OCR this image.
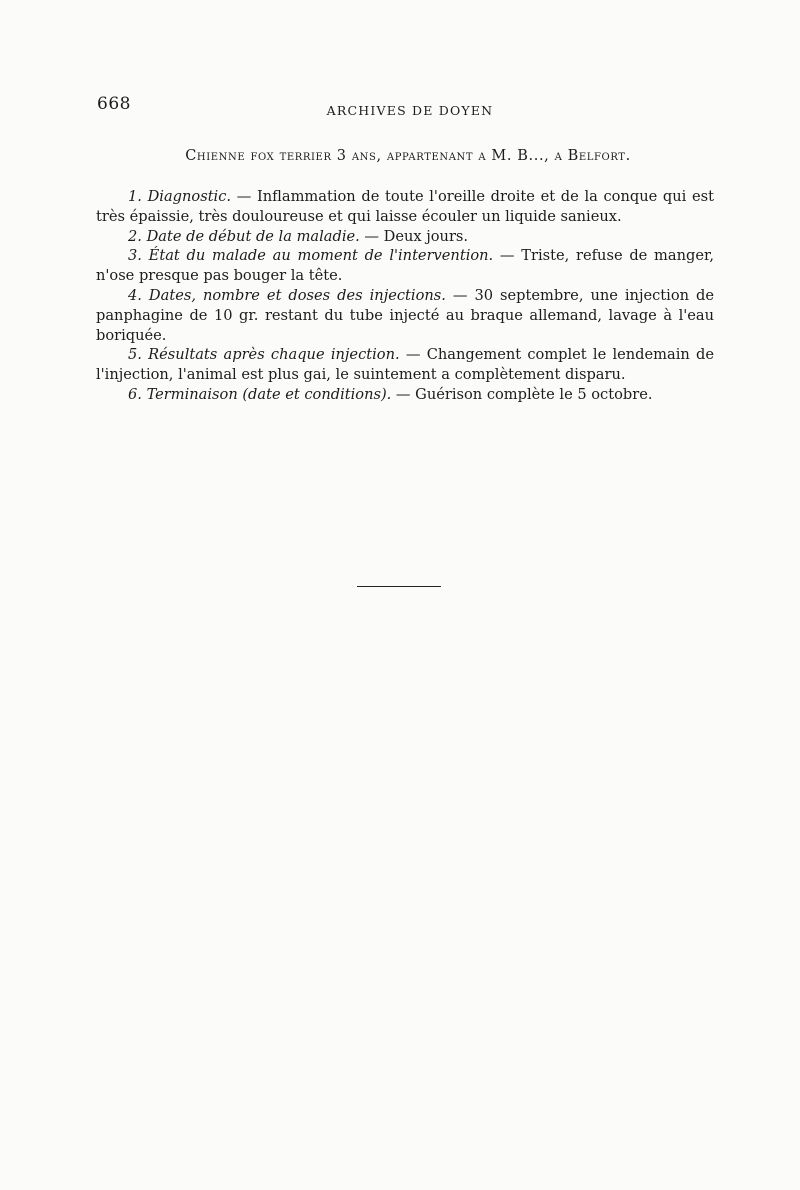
668	ARCHIVES DE DOYEN
Chienne fox terrier 3 ans, appartenant a M. B..., a Belfort.

1. Diagnostic. — Inflammation de toute l'oreille droite et de la conque qui est très épaissie, très douloureuse et qui laisse écouler un liquide sanieux.

2. Date de début de la maladie. — Deux jours.

3. État du malade au moment de l'intervention. — Triste, refuse de manger, n'ose presque pas bouger la tête.

4. Dates, nombre et doses des injections. — 30 septembre, une injection de panphagine de 10 gr. restant du tube injecté au braque allemand, lavage à l'eau boriquée.

5. Résultats après chaque injection. — Changement complet le lendemain de l'injection, l'animal est plus gai, le suintement a complètement disparu.

6. Terminaison (date et conditions). — Guérison complète le 5 octobre.
